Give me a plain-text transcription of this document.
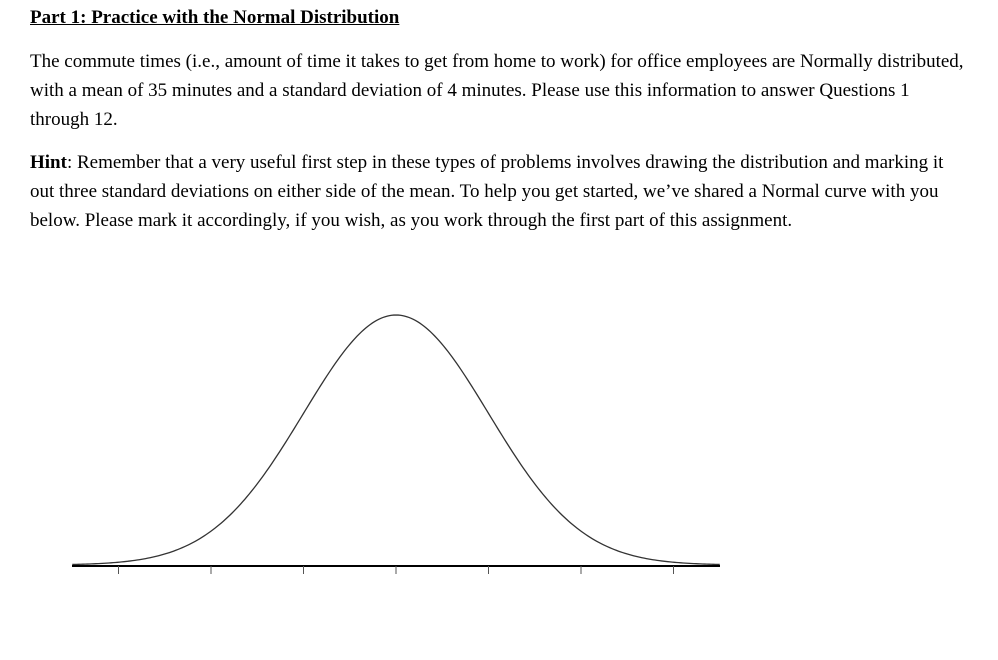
Part 1: Practice with the Normal Distribution

The commute times (i.e., amount of time it takes to get from home to work) for office employees are Normally distributed, with a mean of 35 minutes and a standard deviation of 4 minutes. Please use this information to answer Questions 1 through 12.

Hint: Remember that a very useful first step in these types of problems involves drawing the distribution and marking it out three standard deviations on either side of the mean. To help you get started, we’ve shared a Normal curve with you below. Please mark it accordingly, if you wish, as you work through the first part of this assignment.
